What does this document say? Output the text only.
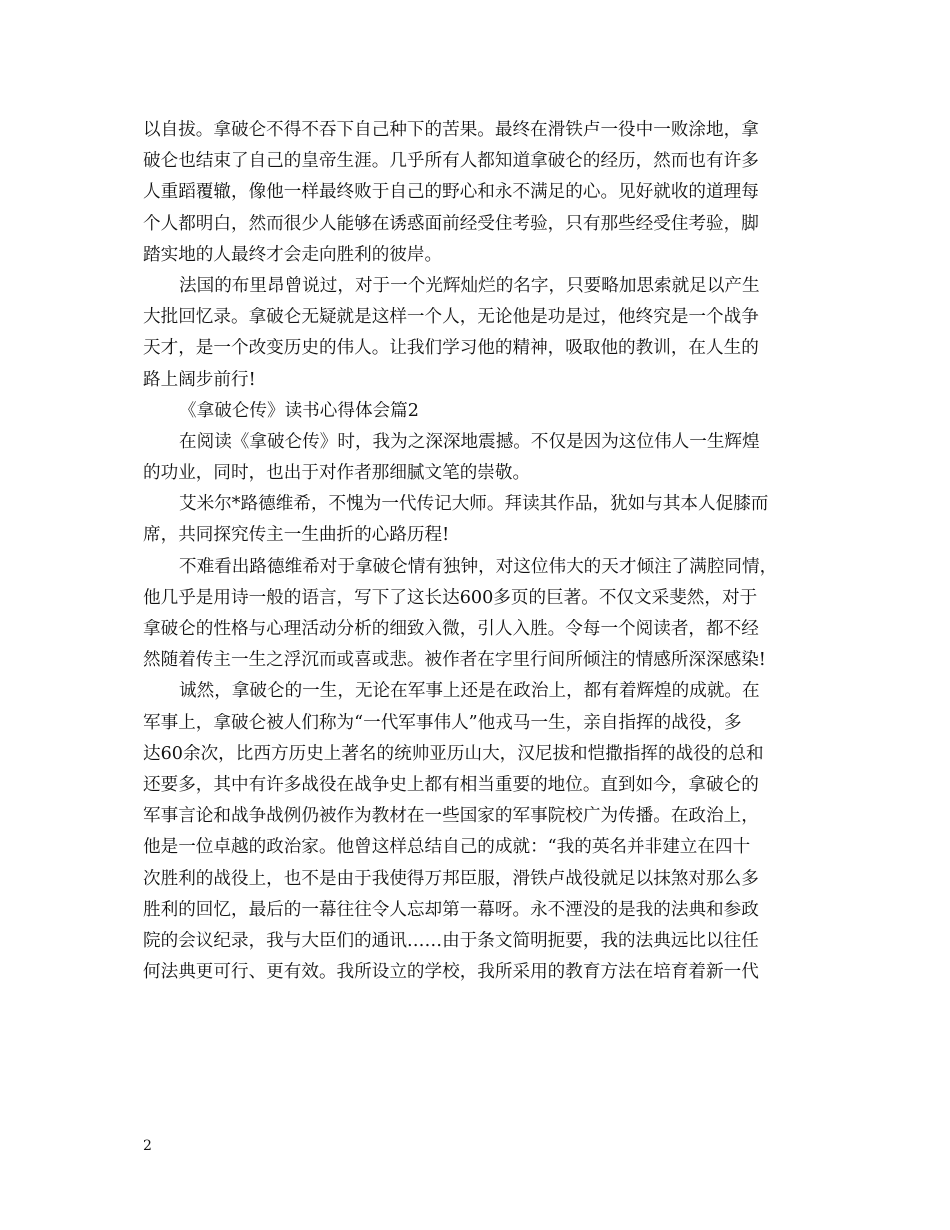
以自拔。拿破仑不得不吞下自己种下的苦果。最终在滑铁卢一役中一败涂地，拿
破仑也结束了自己的皇帝生涯。几乎所有人都知道拿破仑的经历，然而也有许多
人重蹈覆辙，像他一样最终败于自己的野心和永不满足的心。见好就收的道理每
个人都明白，然而很少人能够在诱惑面前经受住考验，只有那些经受住考验，脚
踏实地的人最终才会走向胜利的彼岸。
法国的布里昂曾说过，对于一个光辉灿烂的名字，只要略加思索就足以产生
大批回忆录。拿破仑无疑就是这样一个人，无论他是功是过，他终究是一个战争
天才，是一个改变历史的伟人。让我们学习他的精神，吸取他的教训，在人生的
路上阔步前行!
《拿破仑传》读书心得体会篇2
在阅读《拿破仑传》时，我为之深深地震撼。不仅是因为这位伟人一生辉煌
的功业，同时，也出于对作者那细腻文笔的崇敬。
艾米尔*路德维希，不愧为一代传记大师。拜读其作品，犹如与其本人促膝而
席，共同探究传主一生曲折的心路历程!
不难看出路德维希对于拿破仑情有独钟，对这位伟大的天才倾注了满腔同情，
他几乎是用诗一般的语言，写下了这长达600多页的巨著。不仅文采斐然，对于
拿破仑的性格与心理活动分析的细致入微，引人入胜。令每一个阅读者，都不经
然随着传主一生之浮沉而或喜或悲。被作者在字里行间所倾注的情感所深深感染!
诚然，拿破仑的一生，无论在军事上还是在政治上，都有着辉煌的成就。在
军事上，拿破仑被人们称为“一代军事伟人”他戎马一生，亲自指挥的战役，多
达60余次，比西方历史上著名的统帅亚历山大，汉尼拔和恺撒指挥的战役的总和
还要多，其中有许多战役在战争史上都有相当重要的地位。直到如今，拿破仑的
军事言论和战争战例仍被作为教材在一些国家的军事院校广为传播。在政治上，
他是一位卓越的政治家。他曾这样总结自己的成就：“我的英名并非建立在四十
次胜利的战役上，也不是由于我使得万邦臣服，滑铁卢战役就足以抹煞对那么多
胜利的回忆，最后的一幕往往令人忘却第一幕呀。永不湮没的是我的法典和参政
院的会议纪录，我与大臣们的通讯……由于条文简明扼要，我的法典远比以往任
何法典更可行、更有效。我所设立的学校，我所采用的教育方法在培育着新一代
2
